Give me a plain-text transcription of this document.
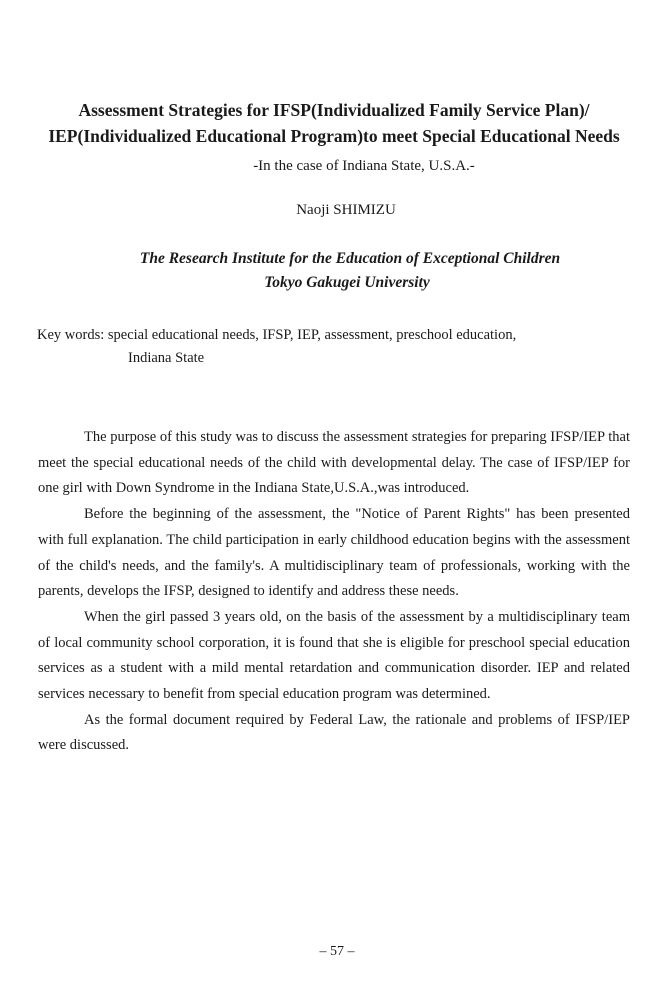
Assessment Strategies for IFSP(Individualized Family Service Plan)/
IEP(Individualized Educational Program)to meet Special Educational Needs
-In the case of Indiana State, U.S.A.-
Naoji SHIMIZU
The Research Institute for the Education of Exceptional Children
Tokyo Gakugei University
Key words: special educational needs, IFSP, IEP, assessment, preschool education,
Indiana State

The purpose of this study was to discuss the assessment strategies for preparing IFSP/IEP that meet the special educational needs of the child with developmental delay. The case of IFSP/IEP for one girl with Down Syndrome in the Indiana State,U.S.A.,was introduced.

Before the beginning of the assessment, the "Notice of Parent Rights" has been presented with full explanation. The child participation in early childhood education begins with the assessment of the child's needs, and the family's. A multidisciplinary team of professionals, working with the parents, develops the IFSP, designed to identify and address these needs.

When the girl passed 3 years old, on the basis of the assessment by a multidisciplinary team of local community school corporation, it is found that she is eligible for preschool special education services as a student with a mild mental retardation and communication disorder. IEP and related services necessary to benefit from special education program was determined.

As the formal document required by Federal Law, the rationale and problems of IFSP/IEP were discussed.

– 57 –
